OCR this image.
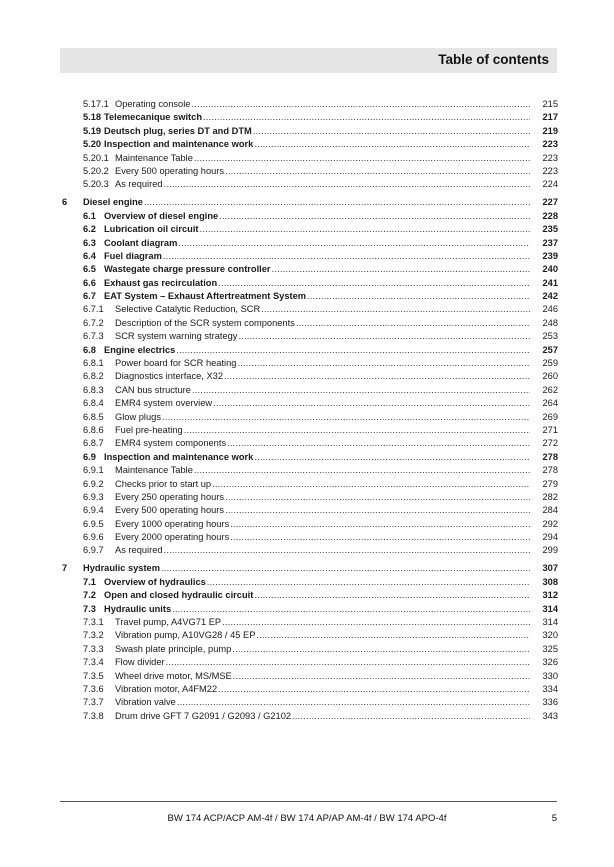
Table of contents
5.17.1 Operating console .....	215
5.18 Telemecanique switch .....	217
5.19 Deutsch plug, series DT and DTM .....	219
5.20 Inspection and maintenance work .....	223
5.20.1 Maintenance Table .....	223
5.20.2 Every 500 operating hours .....	223
5.20.3 As required .....	224
6	Diesel engine .....	227
6.1 Overview of diesel engine .....	228
6.2 Lubrication oil circuit .....	235
6.3 Coolant diagram .....	237
6.4 Fuel diagram .....	239
6.5 Wastegate charge pressure controller .....	240
6.6 Exhaust gas recirculation .....	241
6.7 EAT System – Exhaust Aftertreatment System .....	242
6.7.1	Selective Catalytic Reduction, SCR .....	246
6.7.2	Description of the SCR system components .....	248
6.7.3	SCR system warning strategy .....	253
6.8 Engine electrics .....	257
6.8.1	Power board for SCR heating .....	259
6.8.2	Diagnostics interface, X32 .....	260
6.8.3	CAN bus structure .....	262
6.8.4	EMR4 system overview .....	264
6.8.5	Glow plugs .....	269
6.8.6	Fuel pre-heating .....	271
6.8.7	EMR4 system components .....	272
6.9 Inspection and maintenance work .....	278
6.9.1	Maintenance Table .....	278
6.9.2	Checks prior to start up .....	279
6.9.3	Every 250 operating hours .....	282
6.9.4	Every 500 operating hours .....	284
6.9.5	Every 1000 operating hours .....	292
6.9.6	Every 2000 operating hours .....	294
6.9.7	As required .....	299
7	Hydraulic system .....	307
7.1 Overview of hydraulics .....	308
7.2 Open and closed hydraulic circuit .....	312
7.3 Hydraulic units .....	314
7.3.1	Travel pump, A4VG71 EP .....	314
7.3.2	Vibration pump, A10VG28 / 45 EP .....	320
7.3.3	Swash plate principle, pump .....	325
7.3.4	Flow divider .....	326
7.3.5	Wheel drive motor, MS/MSE .....	330
7.3.6	Vibration motor, A4FM22 .....	334
7.3.7	Vibration valve .....	336
7.3.8	Drum drive GFT 7 G2091 / G2093 / G2102 .....	343
BW 174 ACP/ACP AM-4f / BW 174 AP/AP AM-4f / BW 174 APO-4f	5
